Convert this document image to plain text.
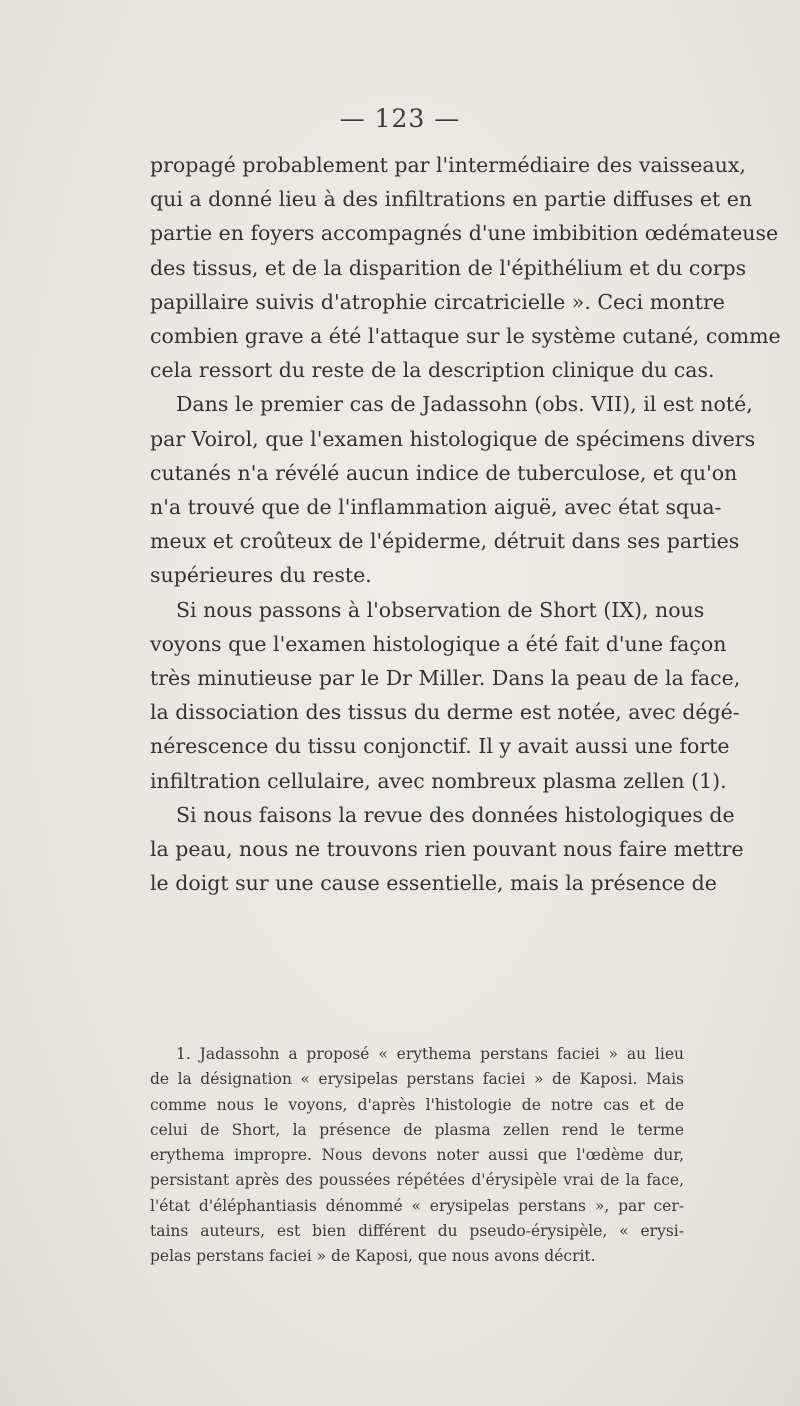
— 123 —
propagé probablement par l'intermédiaire des vaisseaux,
qui a donné lieu à des infiltrations en partie diffuses et en
partie en foyers accompagnés d'une imbibition œdémateuse
des tissus, et de la disparition de l'épithélium et du corps
papillaire suivis d'atrophie circatricielle ». Ceci montre
combien grave a été l'attaque sur le système cutané, comme
cela ressort du reste de la description clinique du cas.
Dans le premier cas de Jadassohn (obs. VII), il est noté,
par Voirol, que l'examen histologique de spécimens divers
cutanés n'a révélé aucun indice de tuberculose, et qu'on
n'a trouvé que de l'inflammation aiguë, avec état squa-
meux et croûteux de l'épiderme, détruit dans ses parties
supérieures du reste.
Si nous passons à l'observation de Short (IX), nous
voyons que l'examen histologique a été fait d'une façon
très minutieuse par le Dr Miller. Dans la peau de la face,
la dissociation des tissus du derme est notée, avec dégé-
nérescence du tissu conjonctif. Il y avait aussi une forte
infiltration cellulaire, avec nombreux plasma zellen (1).
Si nous faisons la revue des données histologiques de
la peau, nous ne trouvons rien pouvant nous faire mettre
le doigt sur une cause essentielle, mais la présence de
1. Jadassohn a proposé « erythema perstans faciei » au lieu
de la désignation « erysipelas perstans faciei » de Kaposi. Mais
comme nous le voyons, d'après l'histologie de notre cas et de
celui de Short, la présence de plasma zellen rend le terme
erythema impropre. Nous devons noter aussi que l'œdème dur,
persistant après des poussées répétées d'érysipèle vrai de la face,
l'état d'éléphantiasis dénommé « erysipelas perstans », par cer-
tains auteurs, est bien différent du pseudo-érysipèle, « erysi-
pelas perstans faciei » de Kaposi, que nous avons décrit.
